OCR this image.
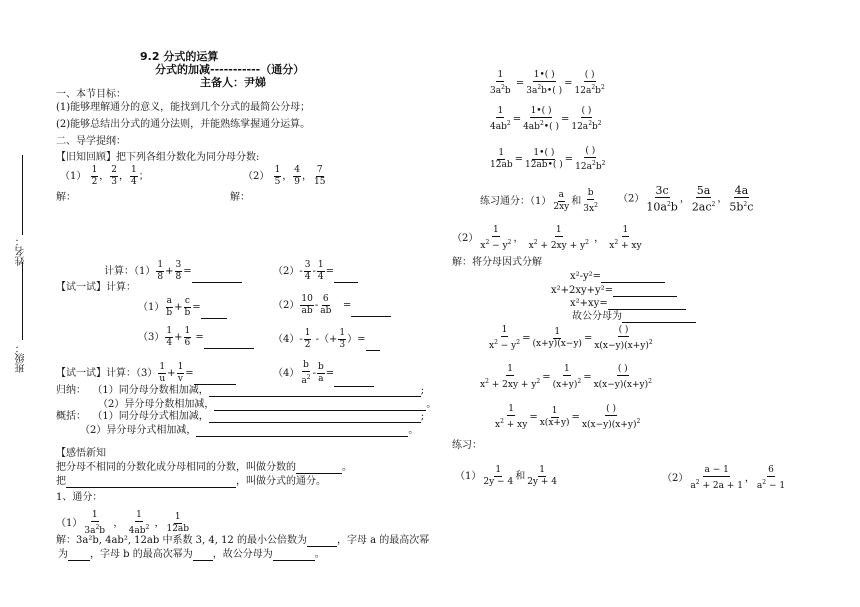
姓名：
班级：
9.2 分式的运算
分式的加减-----------（通分）
主备人：尹娣
一、本节目标：
(1)能够理解通分的意义，能找到几个分式的最简公分母；
(2)能够总结出分式的通分法则，并能熟练掌握通分运算。
二、导学提纲：
【旧知回顾】把下列各组分数化为同分母分数:
$(1) \frac{1}{2}$ ， $\frac{2}{3}$ ， $\frac{1}{4}$ ；	$(2) \frac{1}{5}$ ， $\frac{4}{9}$ ， $\frac{7}{15}$
解：	解：
计算：$(1) \frac{1}{8} + \frac{3}{8}$ =	$(2)- \frac{3}{4} - \frac{1}{4}$ =
【试一试】计算：
$(1) \frac{a}{b} + \frac{c}{b}$ =	$(2) \frac{10}{ab} - \frac{6}{ab}$ =
$(3) \frac{1}{4} + \frac{1}{6}$ =	$(4)- \frac{1}{2}$ -（+ $\frac{1}{3}$ ）=
【试一试】计算：$(3) \frac{1}{u} + \frac{1}{v}$ =	$(4) \frac{b}{a^2} - \frac{b}{a}$ =
归纳： （1）同分母分数相加减，	;
（2）异分母分数相加减，	。
概括： （1）同分母分式相加减，	;
（2）异分母分式相加减，	。
【感悟新知
把分母不相同的分数化成分母相同的分数，叫做分数的	。
把	，叫做分式的通分。
1、通分：
$(1) \frac{1}{3a^2b}$ ， $\frac{1}{4ab^2}$ ， $\frac{1}{12ab}$
解：3a²b, 4ab², 12ab 中系数 3, 4, 12 的最小公倍数为	，字母 a 的最高次幂
为 ，字母 b 的最高次幂为 ，故公分母为	。
$\frac{1}{3a^2b} = \frac{1•( )}{3a^2b•( )} = \frac{( )}{12a^2b^2}$
$\frac{1}{4ab^2} = \frac{1•( )}{4ab^2•( )} = \frac{( )}{12a^2b^2}$
$\frac{1}{12ab} = \frac{1•( )}{12ab•( )} = \frac{( )}{12a^2b^2}$
练习通分：$(1) \frac{a}{2xy}$ 和 $\frac{b}{3x^2} (2) \frac{3c}{10a^2b}$ ， $\frac{5a}{2ac^2}$ ， $\frac{4a}{5b^2c}$
$(2) \frac{1}{x^2 - y^2}$ ， $\frac{1}{x^2 + 2xy + y^2}$ ， $\frac{1}{x^2 + xy}$
解：将分母因式分解
x²-y²=
x²+2xy+y²=
x²+xy=
故公分母为
$\frac{1}{x^2 - y^2} = \frac{1}{(x+y)(x-y)} = \frac{( )}{x(x-y)(x+y)^2}$
$\frac{1}{x^2 + 2xy + y^2} = \frac{1}{(x+y)^2} = \frac{( )}{x(x-y)(x+y)^2}$
$\frac{1}{x^2 + xy} = \frac{1}{x(x+y)} = \frac{( )}{x(x-y)(x+y)^2}$
练习：
$(1) \frac{1}{2y - 4}$ 和 $\frac{1}{2y + 4}$	$(2) \frac{a - 1}{a^2 + 2a + 1}$ ， $\frac{6}{a^2 - 1}$
